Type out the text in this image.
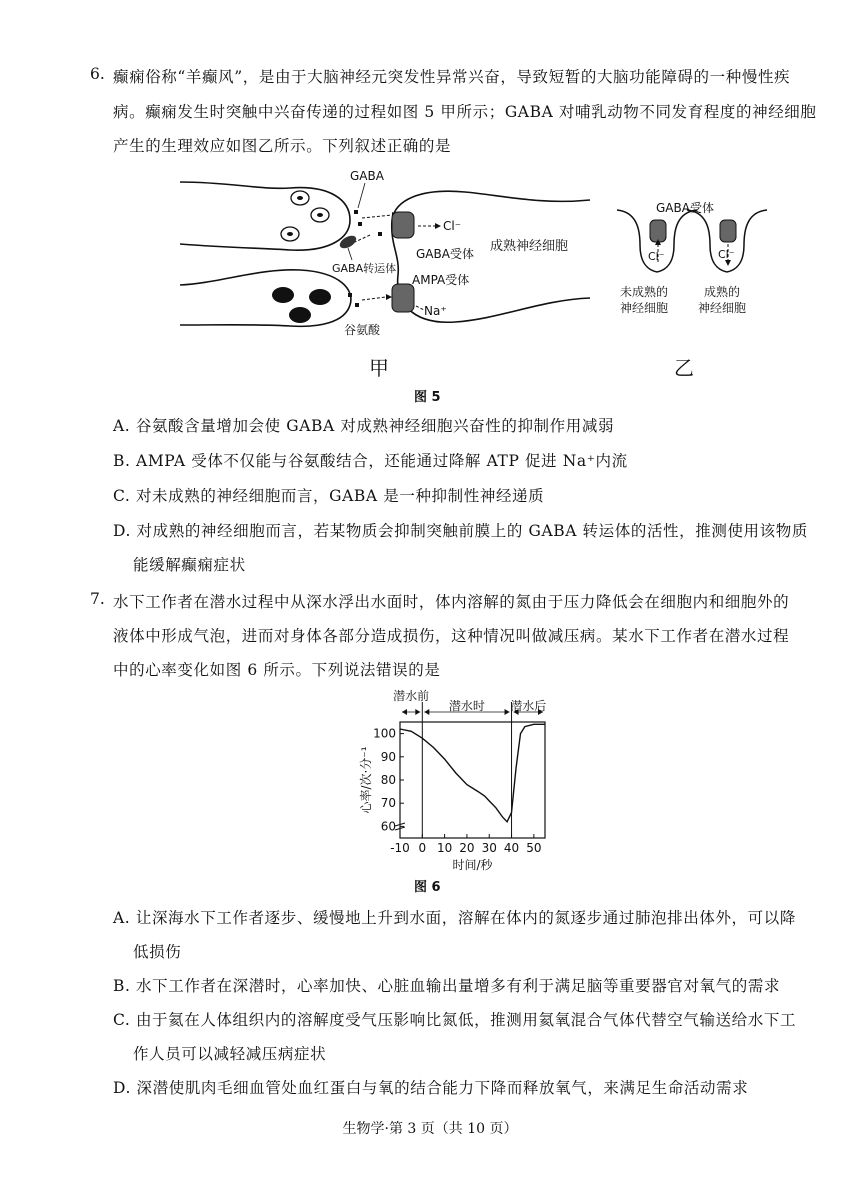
6. 癫痫俗称“羊癫风”，是由于大脑神经元突发性异常兴奋，导致短暂的大脑功能障碍的一种慢性疾
病。癫痫发生时突触中兴奋传递的过程如图 5 甲所示；GABA 对哺乳动物不同发育程度的神经细胞
产生的生理效应如图乙所示。下列叙述正确的是
GABA
Cl⁻
GABA受体 成熟神经细胞
GABA转运体
AMPA受体
Na⁺
谷氨酸
甲
GABA受体
Cl⁻	Cl⁻
未成熟的
神经细胞
成熟的
神经细胞
乙
图 5
A. 谷氨酸含量增加会使 GABA 对成熟神经细胞兴奋性的抑制作用减弱
B. AMPA 受体不仅能与谷氨酸结合，还能通过降解 ATP 促进 Na⁺内流
C. 对未成熟的神经细胞而言，GABA 是一种抑制性神经递质
D. 对成熟的神经细胞而言，若某物质会抑制突触前膜上的 GABA 转运体的活性，推测使用该物质
能缓解癫痫症状
7. 水下工作者在潜水过程中从深水浮出水面时，体内溶解的氮由于压力降低会在细胞内和细胞外的
液体中形成气泡，进而对身体各部分造成损伤，这种情况叫做减压病。某水下工作者在潜水过程
中的心率变化如图 6 所示。下列说法错误的是
潜水前
潜水时 潜水后
60
70
80
90
100
-10 0 10 20 30 40 50
时间/秒
心率/次·分⁻¹
图 6
A. 让深海水下工作者逐步、缓慢地上升到水面，溶解在体内的氮逐步通过肺泡排出体外，可以降
低损伤
B. 水下工作者在深潜时，心率加快、心脏血输出量增多有利于满足脑等重要器官对氧气的需求
C. 由于氦在人体组织内的溶解度受气压影响比氮低，推测用氦氧混合气体代替空气输送给水下工
作人员可以减轻减压病症状
D. 深潜使肌肉毛细血管处血红蛋白与氧的结合能力下降而释放氧气，来满足生命活动需求
生物学·第 3 页（共 10 页）
